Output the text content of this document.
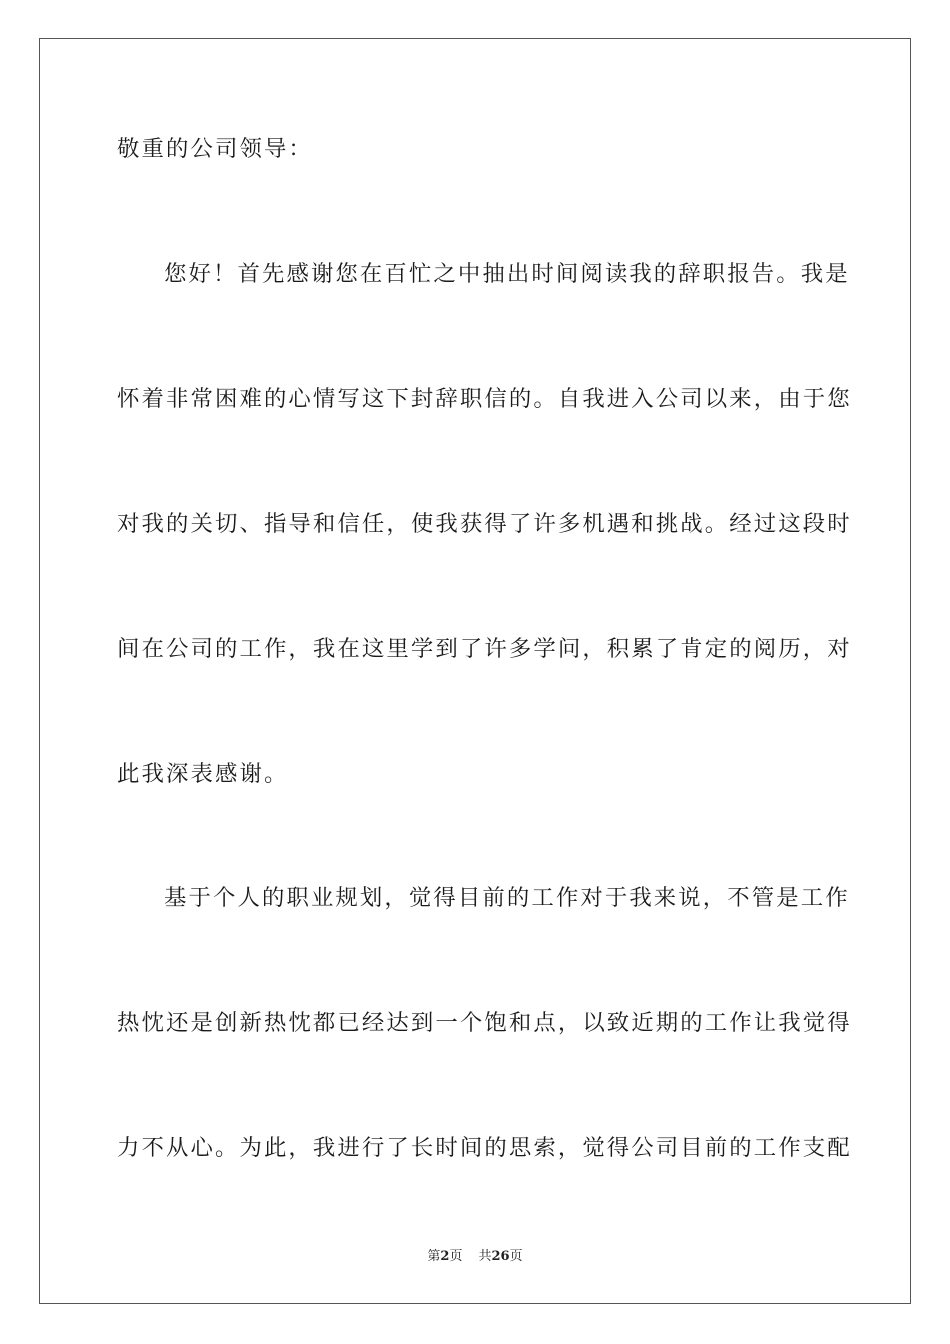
敬重的公司领导：
您好！首先感谢您在百忙之中抽出时间阅读我的辞职报告。我是
怀着非常困难的心情写这下封辞职信的。自我进入公司以来，由于您
对我的关切、指导和信任，使我获得了许多机遇和挑战。经过这段时
间在公司的工作，我在这里学到了许多学问，积累了肯定的阅历，对
此我深表感谢。
基于个人的职业规划，觉得目前的工作对于我来说，不管是工作
热忱还是创新热忱都已经达到一个饱和点，以致近期的工作让我觉得
力不从心。为此，我进行了长时间的思索，觉得公司目前的工作支配
第2页 共26页
